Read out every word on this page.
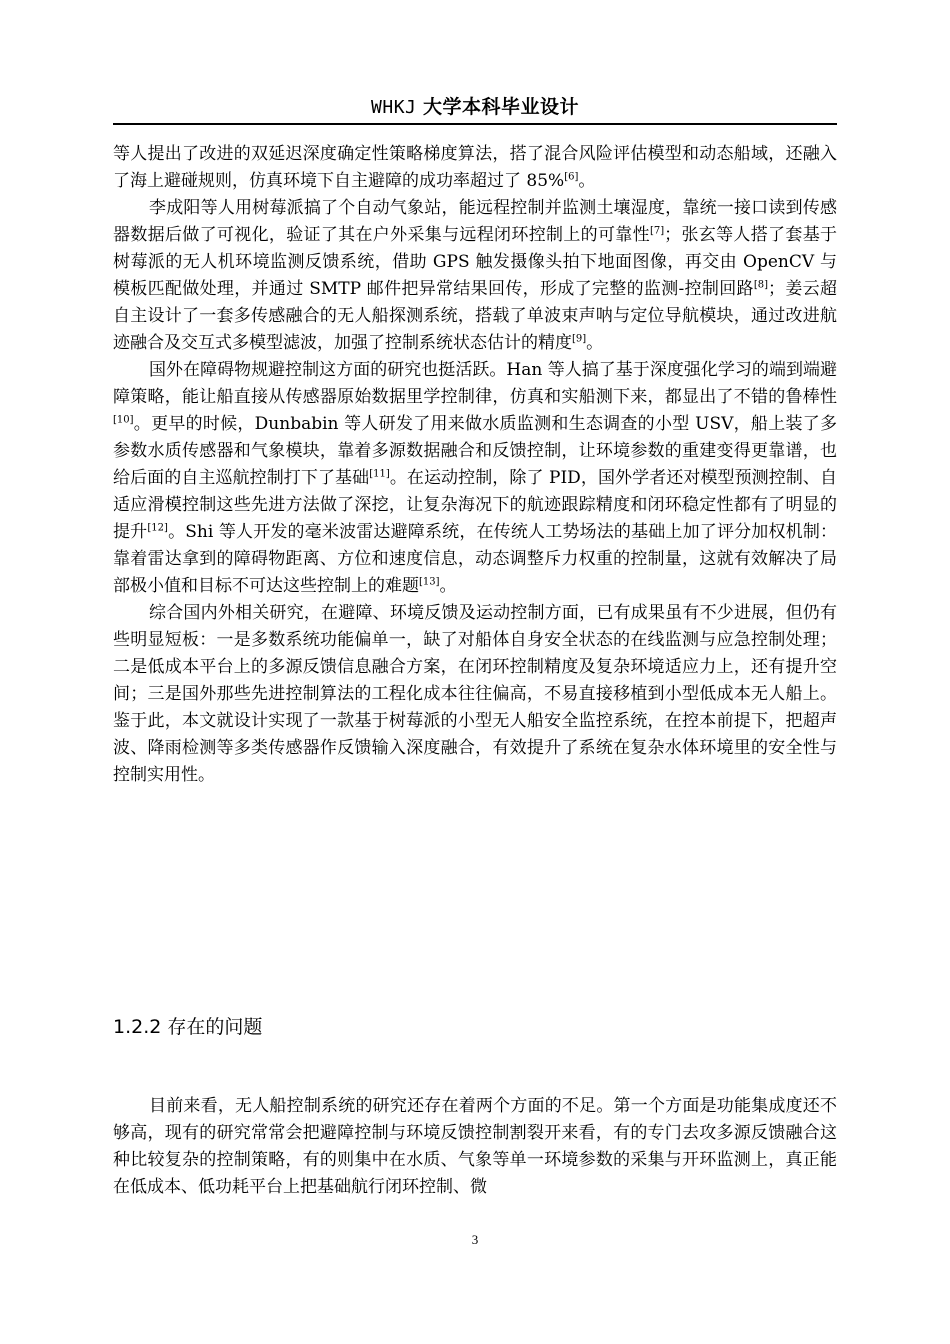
WHKJ 大学本科毕业设计

等人提出了改进的双延迟深度确定性策略梯度算法，搭了混合风险评估模型和动态船域，还融入了海上避碰规则，仿真环境下自主避障的成功率超过了 85%[6]。

李成阳等人用树莓派搞了个自动气象站，能远程控制并监测土壤湿度，靠统一接口读到传感器数据后做了可视化，验证了其在户外采集与远程闭环控制上的可靠性[7]；张玄等人搭了套基于树莓派的无人机环境监测反馈系统，借助 GPS 触发摄像头拍下地面图像，再交由 OpenCV 与模板匹配做处理，并通过 SMTP 邮件把异常结果回传，形成了完整的监测-控制回路[8]；姜云超自主设计了一套多传感融合的无人船探测系统，搭载了单波束声呐与定位导航模块，通过改进航迹融合及交互式多模型滤波，加强了控制系统状态估计的精度[9]。

国外在障碍物规避控制这方面的研究也挺活跃。Han 等人搞了基于深度强化学习的端到端避障策略，能让船直接从传感器原始数据里学控制律，仿真和实船测下来，都显出了不错的鲁棒性[10]。更早的时候，Dunbabin 等人研发了用来做水质监测和生态调查的小型 USV，船上装了多参数水质传感器和气象模块，靠着多源数据融合和反馈控制，让环境参数的重建变得更靠谱，也给后面的自主巡航控制打下了基础[11]。在运动控制，除了 PID，国外学者还对模型预测控制、自适应滑模控制这些先进方法做了深挖，让复杂海况下的航迹跟踪精度和闭环稳定性都有了明显的提升[12]。Shi 等人开发的毫米波雷达避障系统，在传统人工势场法的基础上加了评分加权机制：靠着雷达拿到的障碍物距离、方位和速度信息，动态调整斥力权重的控制量，这就有效解决了局部极小值和目标不可达这些控制上的难题[13]。

综合国内外相关研究，在避障、环境反馈及运动控制方面，已有成果虽有不少进展，但仍有些明显短板：一是多数系统功能偏单一，缺了对船体自身安全状态的在线监测与应急控制处理；二是低成本平台上的多源反馈信息融合方案，在闭环控制精度及复杂环境适应力上，还有提升空间；三是国外那些先进控制算法的工程化成本往往偏高，不易直接移植到小型低成本无人船上。鉴于此，本文就设计实现了一款基于树莓派的小型无人船安全监控系统，在控本前提下，把超声波、降雨检测等多类传感器作反馈输入深度融合，有效提升了系统在复杂水体环境里的安全性与控制实用性。

1.2.2 存在的问题

目前来看，无人船控制系统的研究还存在着两个方面的不足。第一个方面是功能集成度还不够高，现有的研究常常会把避障控制与环境反馈控制割裂开来看，有的专门去攻多源反馈融合这种比较复杂的控制策略，有的则集中在水质、气象等单一环境参数的采集与开环监测上，真正能在低成本、低功耗平台上把基础航行闭环控制、微

3
